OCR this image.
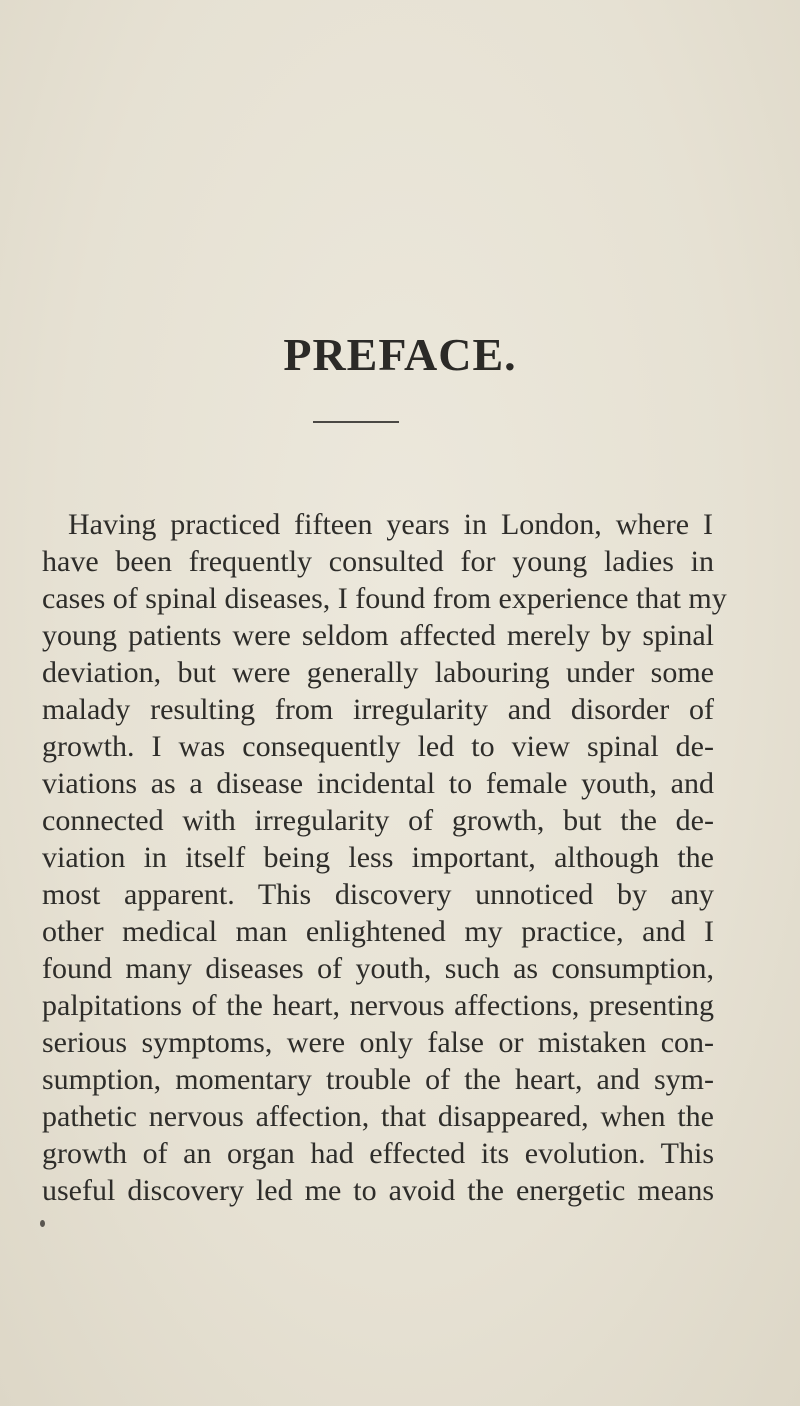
PREFACE.
Having practiced fifteen years in London, where I
have been frequently consulted for young ladies in
cases of spinal diseases, I found from experience that my
young patients were seldom affected merely by spinal
deviation, but were generally labouring under some
malady resulting from irregularity and disorder of
growth. I was consequently led to view spinal de-
viations as a disease incidental to female youth, and
connected with irregularity of growth, but the de-
viation in itself being less important, although the
most apparent. This discovery unnoticed by any
other medical man enlightened my practice, and I
found many diseases of youth, such as consumption,
palpitations of the heart, nervous affections, presenting
serious symptoms, were only false or mistaken con-
sumption, momentary trouble of the heart, and sym-
pathetic nervous affection, that disappeared, when the
growth of an organ had effected its evolution. This
useful discovery led me to avoid the energetic means
